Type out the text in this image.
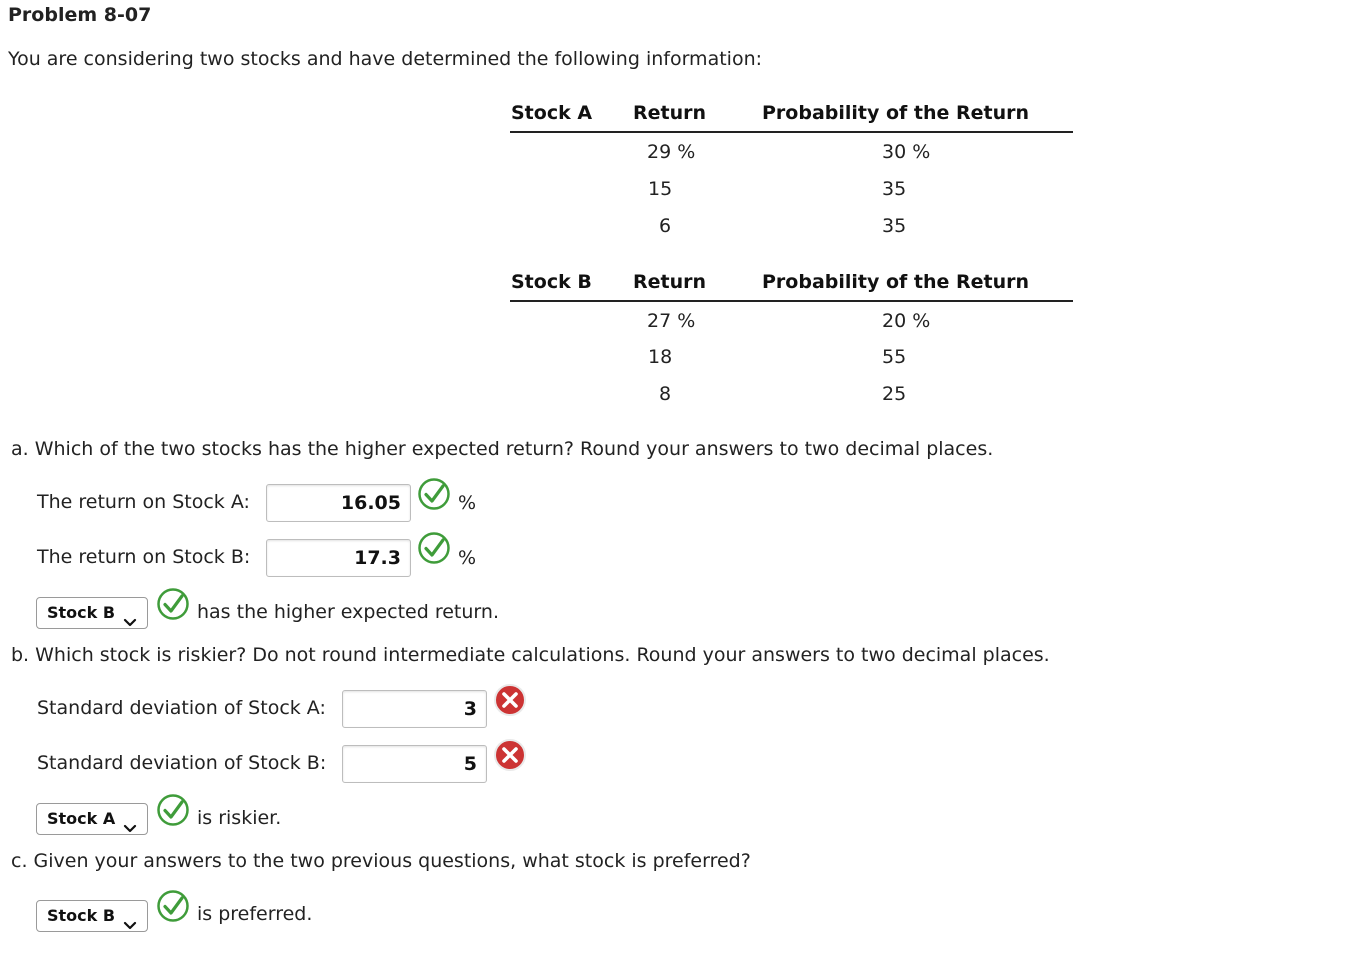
Problem 8-07
You are considering two stocks and have determined the following information:
Stock A Return	Probability of the Return
29 %	30 %
15	35
6	35
Stock B Return	Probability of the Return
27 %	20 %
18	55
8	25
a. Which of the two stocks has the higher expected return? Round your answers to two decimal places.
The return on Stock A:	16.05	%
The return on Stock B:	17.3	%
Stock B	has the higher expected return.
b. Which stock is riskier? Do not round intermediate calculations. Round your answers to two decimal places.
Standard deviation of Stock A:	3
Standard deviation of Stock B:	5
Stock A	is riskier.
c. Given your answers to the two previous questions, what stock is preferred?
Stock B	is preferred.
